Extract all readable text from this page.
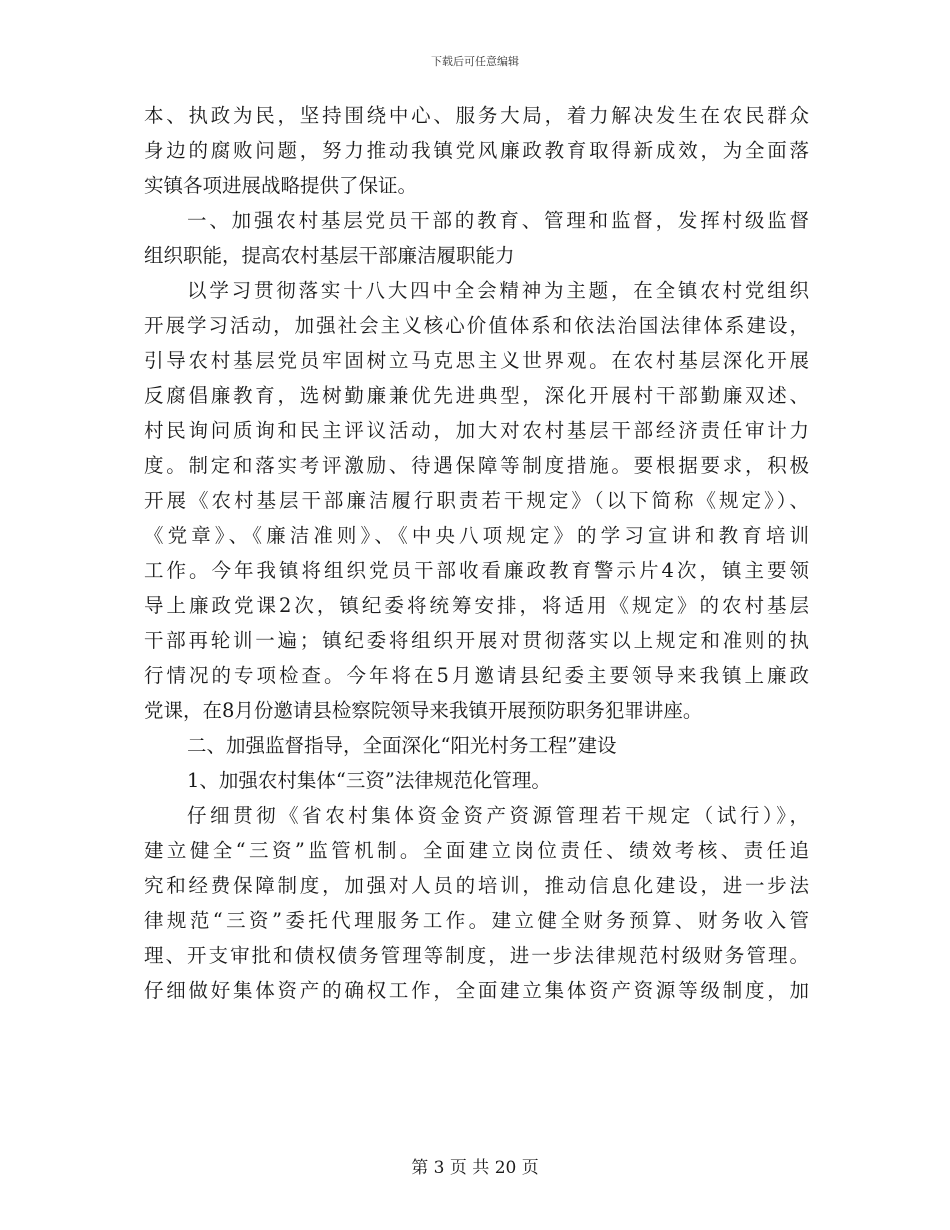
下载后可任意编辑
本、执政为民，坚持围绕中心、服务大局，着力解决发生在农民群众
身边的腐败问题，努力推动我镇党风廉政教育取得新成效，为全面落
实镇各项进展战略提供了保证。
一、加强农村基层党员干部的教育、管理和监督，发挥村级监督
组织职能，提高农村基层干部廉洁履职能力
以学习贯彻落实十八大四中全会精神为主题，在全镇农村党组织
开展学习活动，加强社会主义核心价值体系和依法治国法律体系建设，
引导农村基层党员牢固树立马克思主义世界观。在农村基层深化开展
反腐倡廉教育，选树勤廉兼优先进典型，深化开展村干部勤廉双述、
村民询问质询和民主评议活动，加大对农村基层干部经济责任审计力
度。制定和落实考评激励、待遇保障等制度措施。要根据要求，积极
开展《农村基层干部廉洁履行职责若干规定》（以下简称《规定》）、
《党章》、《廉洁准则》、《中央八项规定》的学习宣讲和教育培训
工作。今年我镇将组织党员干部收看廉政教育警示片4次，镇主要领
导上廉政党课2次，镇纪委将统筹安排，将适用《规定》的农村基层
干部再轮训一遍；镇纪委将组织开展对贯彻落实以上规定和准则的执
行情况的专项检查。今年将在5月邀请县纪委主要领导来我镇上廉政
党课，在8月份邀请县检察院领导来我镇开展预防职务犯罪讲座。
二、加强监督指导，全面深化“阳光村务工程”建设
1、加强农村集体“三资”法律规范化管理。
仔细贯彻《省农村集体资金资产资源管理若干规定（试行）》，
建立健全“三资”监管机制。全面建立岗位责任、绩效考核、责任追
究和经费保障制度，加强对人员的培训，推动信息化建设，进一步法
律规范“三资”委托代理服务工作。建立健全财务预算、财务收入管
理、开支审批和债权债务管理等制度，进一步法律规范村级财务管理。
仔细做好集体资产的确权工作，全面建立集体资产资源等级制度，加
第 3 页 共 20 页
